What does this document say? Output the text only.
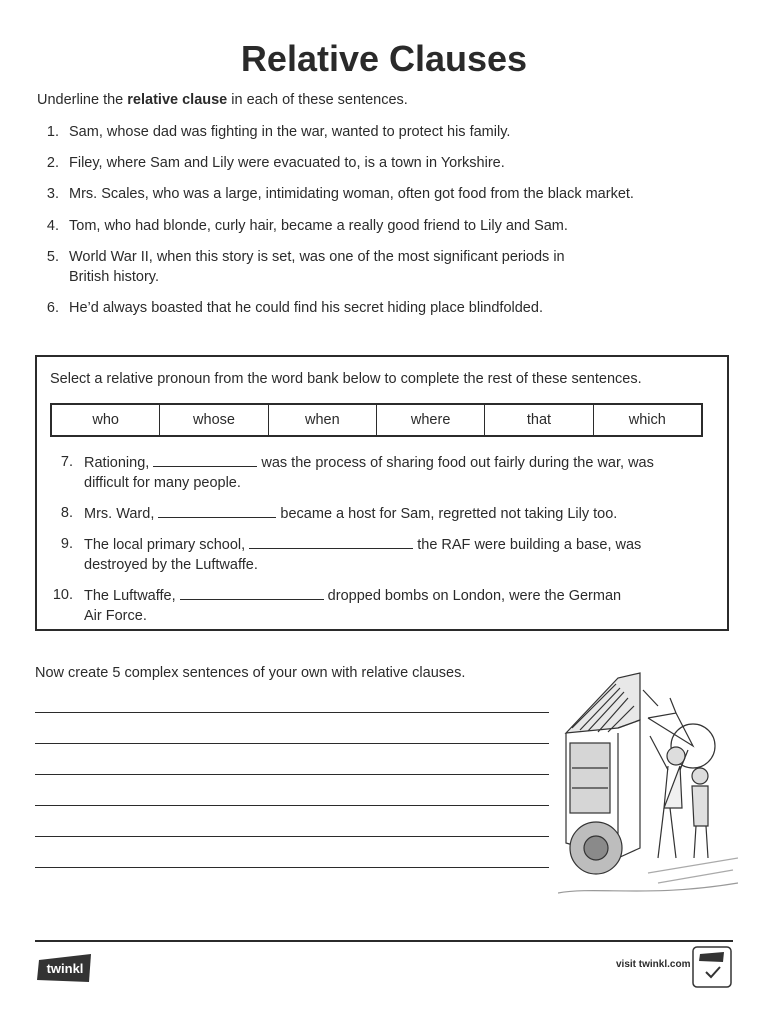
Relative Clauses
Underline the relative clause in each of these sentences.
1. Sam, whose dad was fighting in the war, wanted to protect his family.
2. Filey, where Sam and Lily were evacuated to, is a town in Yorkshire.
3. Mrs. Scales, who was a large, intimidating woman, often got food from the black market.
4. Tom, who had blonde, curly hair, became a really good friend to Lily and Sam.
5. World War II, when this story is set, was one of the most significant periods in
British history.
6. He’d always boasted that he could find his secret hiding place blindfolded.
Select a relative pronoun from the word bank below to complete the rest of these sentences.
who	whose	when	where	that	which
7. Rationing,	was the process of sharing food out fairly during the war, was
difficult for many people.
8. Mrs. Ward,	became a host for Sam, regretted not taking Lily too.
9. The local primary school,	the RAF were building a base, was
destroyed by the Luftwaffe.
10. The Luftwaffe,	dropped bombs on London, were the German
Air Force.
Now create 5 complex sentences of your own with relative clauses.
twinkl	visit twinkl.com
